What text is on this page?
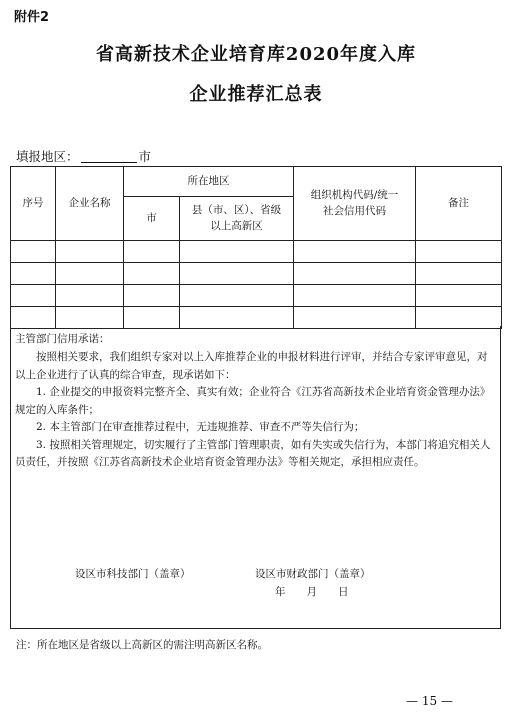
附件2
省高新技术企业培育库2020年度入库
企业推荐汇总表
填报地区：	市
序号	企业名称	所在地区		组织机构代码/统一社会信用代码	备注
		市	县（市、区）、省级以上高新区		

主管部门信用承诺：

按照相关要求，我们组织专家对以上入库推荐企业的申报材料进行评审，并结合专家评审意见，对以上企业进行了认真的综合审查，现承诺如下：

1. 企业提交的申报资料完整齐全、真实有效；企业符合《江苏省高新技术企业培育资金管理办法》规定的入库条件；

2. 本主管部门在审查推荐过程中，无违规推荐、审查不严等失信行为；

3. 按照相关管理规定，切实履行了主管部门管理职责，如有失实或失信行为，本部门将追究相关人员责任，并按照《江苏省高新技术企业培育资金管理办法》等相关规定，承担相应责任。

设区市科技部门（盖章）	设区市财政部门（盖章）
年　　月　　日
注：所在地区是省级以上高新区的需注明高新区名称。
— 15 —
